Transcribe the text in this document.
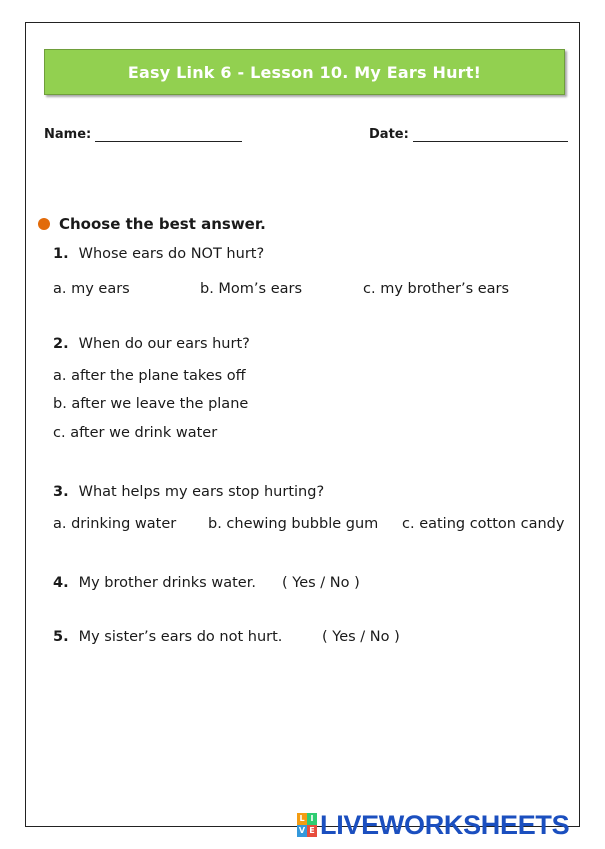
Easy Link 6 - Lesson 10. My Ears Hurt!
Name:	Date:
Choose the best answer.
1. Whose ears do NOT hurt?
a. my ears	b. Mom’s ears	c. my brother’s ears
2. When do our ears hurt?
a. after the plane takes off
b. after we leave the plane
c. after we drink water
3. What helps my ears stop hurting?
a. drinking water b. chewing bubble gum c. eating cotton candy
4. My brother drinks water. ( Yes / No )
5. My sister’s ears do not hurt.	( Yes / No )
L I
V E LIVEWORKSHEETS
